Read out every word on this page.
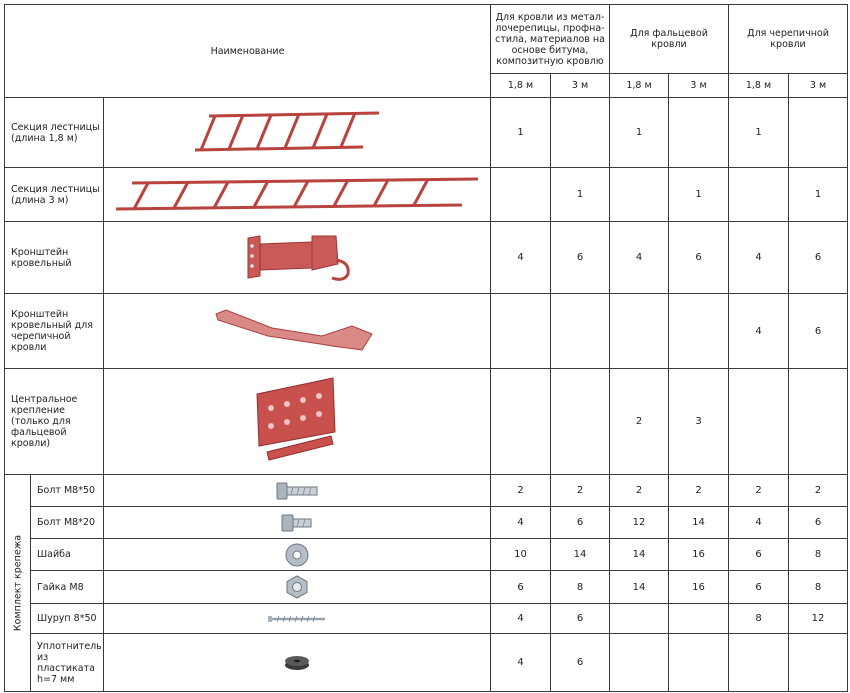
Наименование			Для кровли из метал-лочерепицы, профна-стила, материалов на основе битума, композитную кровлю		Для фальцевой кровли		Для черепичной кровли	
			1,8 м	3 м	1,8 м	3 м	1,8 м	3 м
Секция лестницы (длина 1,8 м)			1		1		1	
Секция лестницы (длина 3 м)				1		1		1
Кронштейн кровельный			4	6	4	6	4	6
Кронштейн кровельный для черепичной кровли							4	6
Центральное крепление (только для фальцевой кровли)					2	3		

Комплект крепежа	Болт М8*50		2	2	2	2	2	2
	Болт М8*20		4	6	12	14	4	6
	Шайба		10	14	14	16	6	8
	Гайка М8		6	8	14	16	6	8
	Шуруп 8*50		4	6			8	12
	Уплотнитель из пластиката h=7 мм		4	6				
